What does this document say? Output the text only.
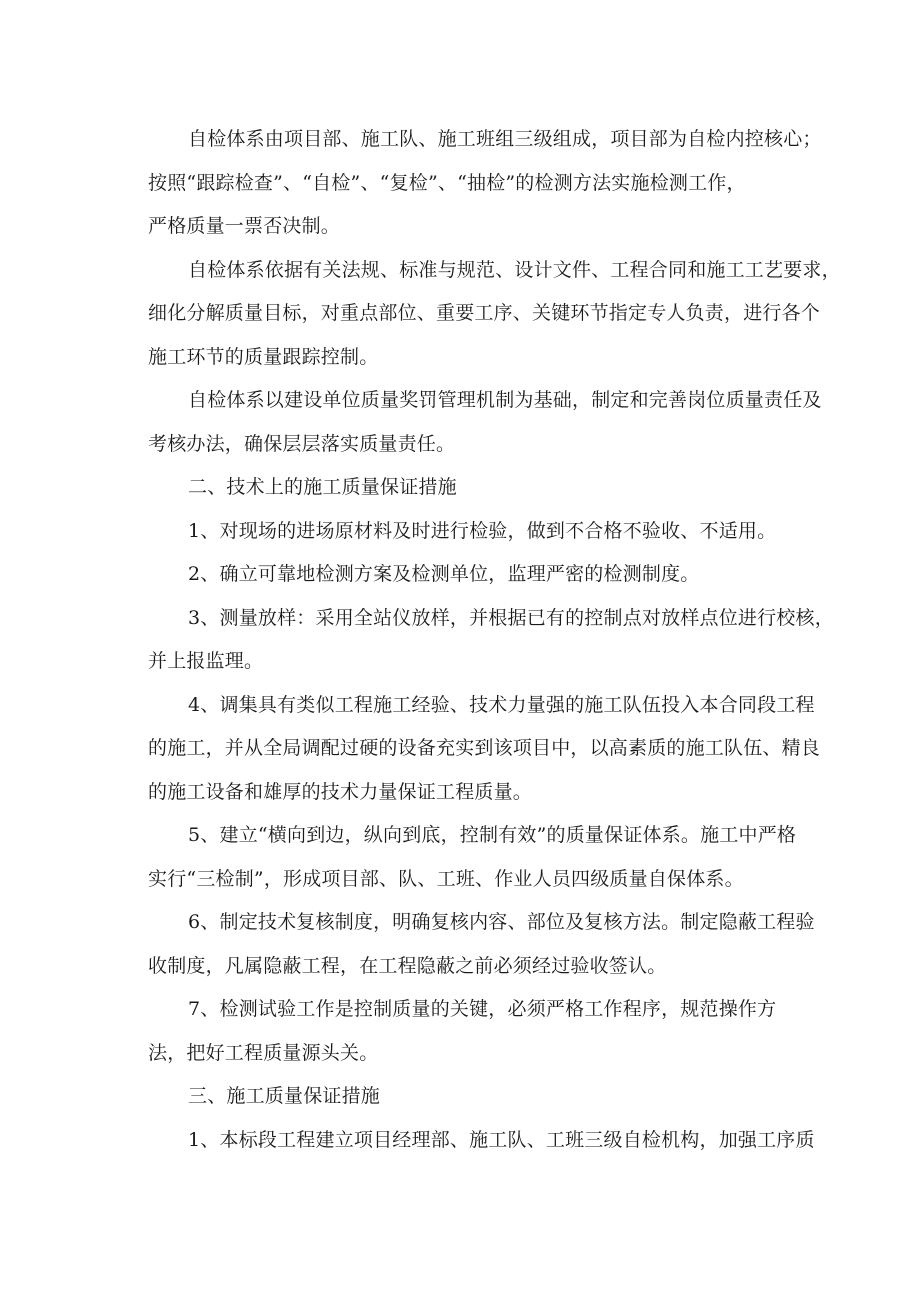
自检体系由项目部、施工队、施工班组三级组成，项目部为自检内控核心；
按照“跟踪检查”、“自检”、“复检”、“抽检”的检测方法实施检测工作，
严格质量一票否决制。
自检体系依据有关法规、标准与规范、设计文件、工程合同和施工工艺要求，
细化分解质量目标，对重点部位、重要工序、关键环节指定专人负责，进行各个
施工环节的质量跟踪控制。
自检体系以建设单位质量奖罚管理机制为基础，制定和完善岗位质量责任及
考核办法，确保层层落实质量责任。
二、技术上的施工质量保证措施
1、对现场的进场原材料及时进行检验，做到不合格不验收、不适用。
2、确立可靠地检测方案及检测单位，监理严密的检测制度。
3、测量放样：采用全站仪放样，并根据已有的控制点对放样点位进行校核，
并上报监理。
4、调集具有类似工程施工经验、技术力量强的施工队伍投入本合同段工程
的施工，并从全局调配过硬的设备充实到该项目中，以高素质的施工队伍、精良
的施工设备和雄厚的技术力量保证工程质量。
5、建立“横向到边，纵向到底，控制有效”的质量保证体系。施工中严格
实行“三检制”，形成项目部、队、工班、作业人员四级质量自保体系。
6、制定技术复核制度，明确复核内容、部位及复核方法。制定隐蔽工程验
收制度，凡属隐蔽工程，在工程隐蔽之前必须经过验收签认。
7、检测试验工作是控制质量的关键，必须严格工作程序，规范操作方
法，把好工程质量源头关。
三、施工质量保证措施
1、本标段工程建立项目经理部、施工队、工班三级自检机构，加强工序质
